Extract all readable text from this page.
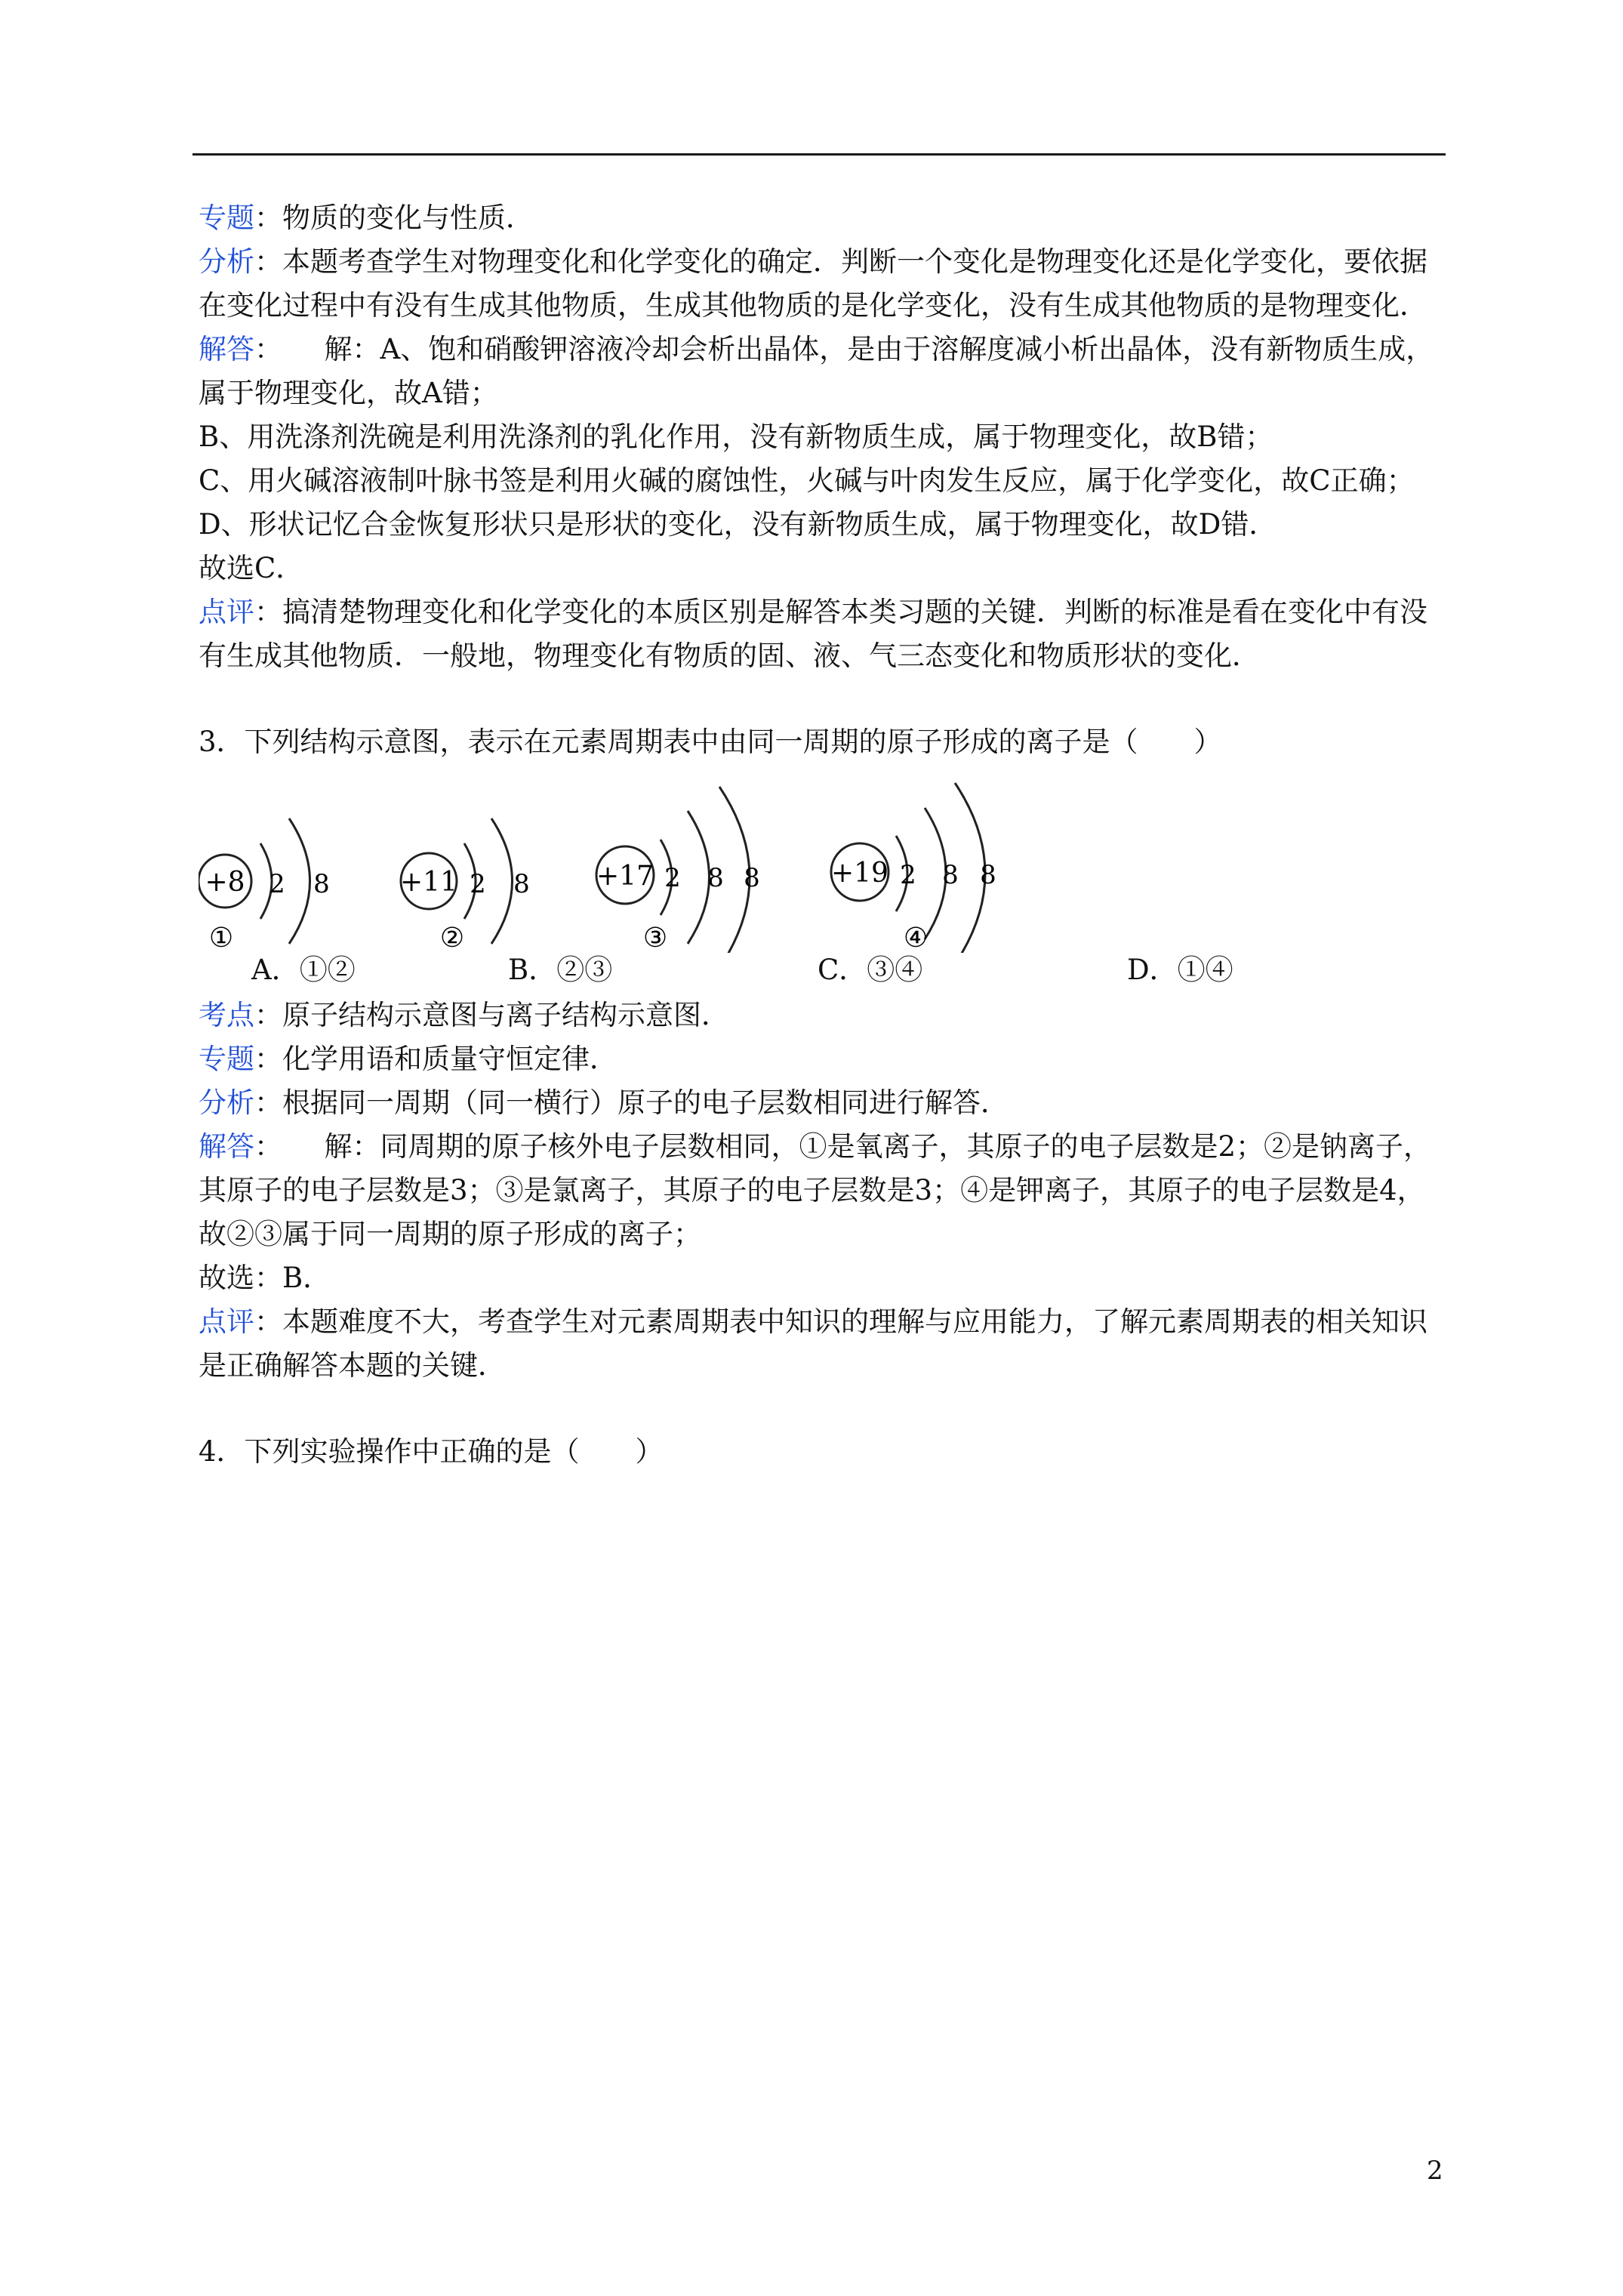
专题：物质的变化与性质．

分析：本题考查学生对物理变化和化学变化的确定．判断一个变化是物理变化还是化学变化，要依据在变化过程中有没有生成其他物质，生成其他物质的是化学变化，没有生成其他物质的是物理变化．

解答：　　解：A、饱和硝酸钾溶液冷却会析出晶体，是由于溶解度减小析出晶体，没有新物质生成，属于物理变化，故A错；

B、用洗涤剂洗碗是利用洗涤剂的乳化作用，没有新物质生成，属于物理变化，故B错；

C、用火碱溶液制叶脉书签是利用火碱的腐蚀性，火碱与叶肉发生反应，属于化学变化，故C正确；

D、形状记忆合金恢复形状只是形状的变化，没有新物质生成，属于物理变化，故D错．

故选C．

点评：搞清楚物理变化和化学变化的本质区别是解答本类习题的关键．判断的标准是看在变化中有没有生成其他物质．一般地，物理变化有物质的固、液、气三态变化和物质形状的变化．

3．下列结构示意图，表示在元素周期表中由同一周期的原子形成的离子是（　　）

+8 2 8
①
+11 2 8
②
+17 2 8 8
③
+19 2 8 8
④
A．①②	B．②③	C．③④	D．①④

考点：原子结构示意图与离子结构示意图．

专题：化学用语和质量守恒定律．

分析：根据同一周期（同一横行）原子的电子层数相同进行解答．

解答：　　解：同周期的原子核外电子层数相同，①是氧离子，其原子的电子层数是2；②是钠离子，其原子的电子层数是3；③是氯离子，其原子的电子层数是3；④是钾离子，其原子的电子层数是4，故②③属于同一周期的原子形成的离子；

故选：B．

点评：本题难度不大，考查学生对元素周期表中知识的理解与应用能力，了解元素周期表的相关知识是正确解答本题的关键．

4．下列实验操作中正确的是（　　）

2
